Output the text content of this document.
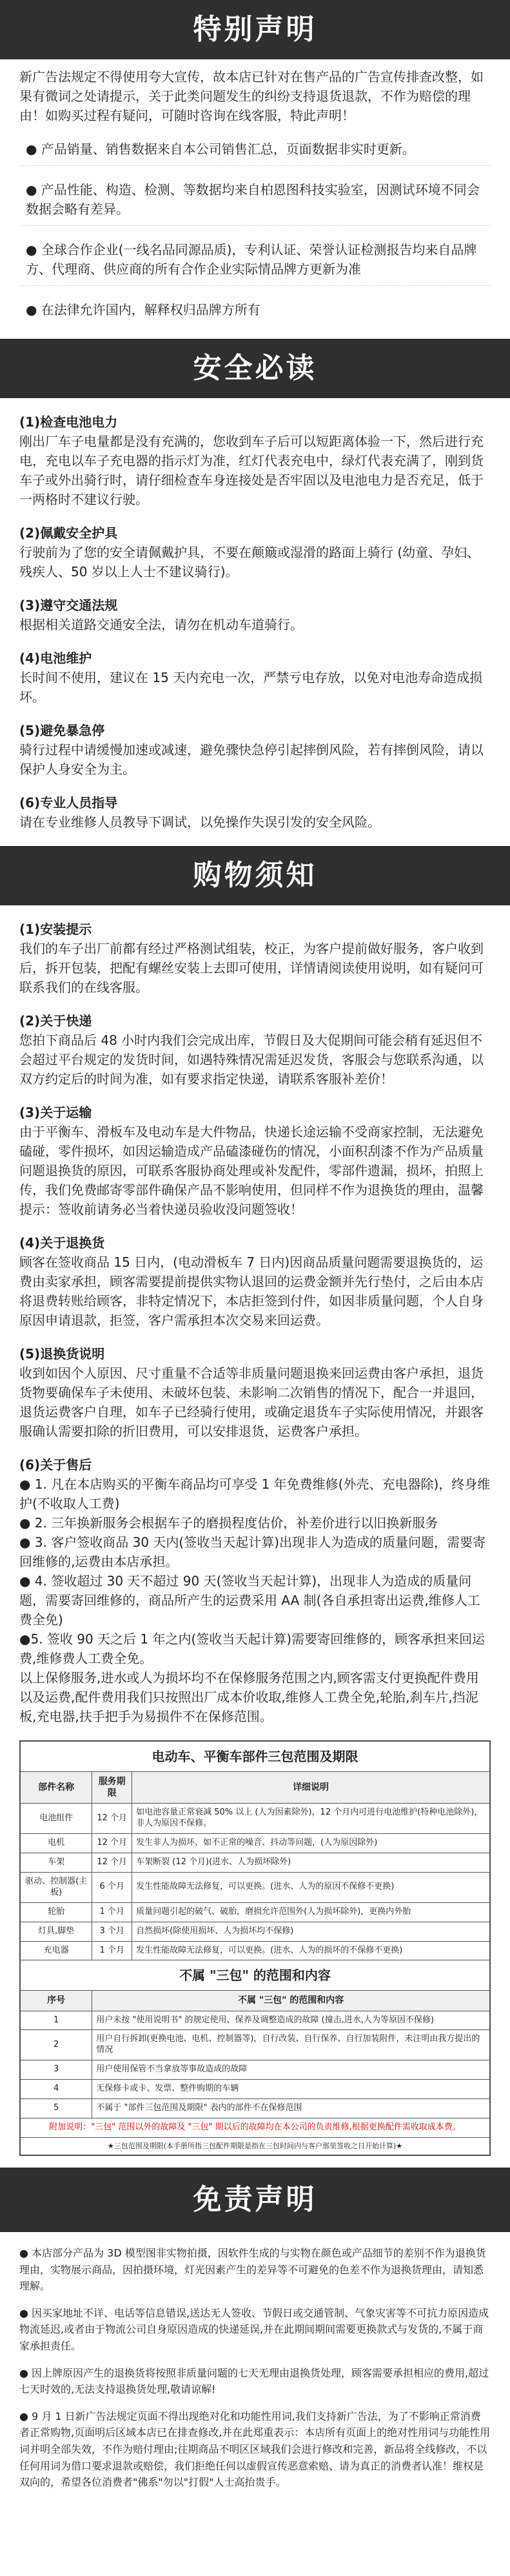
特别声明

新广告法规定不得使用夸大宣传，故本店已针对在售产品的广告宣传排查改整，如果有微词之处请提示，关于此类问题发生的纠纷支持退货退款，不作为赔偿的理由！如购买过程有疑问，可随时咨询在线客服，特此声明！

● 产品销量、销售数据来自本公司销售汇总，页面数据非实时更新。
● 产品性能、构造、检测、等数据均来自柏恩图科技实验室，因测试环境不同会数据会略有差异。
● 全球合作企业(一线名品同源品质)，专利认证、荣誉认证检测报告均来自品牌方、代理商、供应商的所有合作企业实际情品牌方更新为准
● 在法律允许国内，解释权归品牌方所有
安全必读

(1)检查电池电力

刚出厂车子电量都是没有充满的，您收到车子后可以短距离体验一下，然后进行充电，充电以车子充电器的指示灯为准，红灯代表充电中，绿灯代表充满了，刚到货车子或外出骑行时，请仔细检查车身连接处是否牢固以及电池电力是否充足，低于一两格时不建议行驶。

(2)佩戴安全护具

行驶前为了您的安全请佩戴护具，不要在颠簸或湿滑的路面上骑行 (幼童、孕妇、残疾人、50 岁以上人士不建议骑行)。

(3)遵守交通法规

根据相关道路交通安全法，请勿在机动车道骑行。

(4)电池维护

长时间不使用，建议在 15 天内充电一次，严禁亏电存放，以免对电池寿命造成损坏。

(5)避免暴急停

骑行过程中请缓慢加速或减速，避免骤快急停引起摔倒风险，若有摔倒风险，请以保护人身安全为主。

(6)专业人员指导

请在专业维修人员教导下调试，以免操作失误引发的安全风险。

购物须知

(1)安装提示

我们的车子出厂前都有经过严格测试组装，校正，为客户提前做好服务，客户收到后，拆开包装，把配有螺丝安装上去即可使用，详情请阅读使用说明，如有疑问可联系我们的在线客服。

(2)关于快递

您拍下商品后 48 小时内我们会完成出库，节假日及大促期间可能会稍有延迟但不会超过平台规定的发货时间，如遇特殊情况需延迟发货，客服会与您联系沟通，以双方约定后的时间为准，如有要求指定快递，请联系客服补差价！

(3)关于运输

由于平衡车、滑板车及电动车是大件物品，快递长途运输不受商家控制，无法避免磕碰，零件损坏，如因运输造成产品磕漆碰伤的情况，小面积刮漆不作为产品质量问题退换货的原因，可联系客服协商处理或补发配件，零部件遗漏，损坏，拍照上传，我们免费邮寄零部件确保产品不影响使用，但同样不作为退换货的理由，温馨提示：签收前请务必当着快递员验收没问题签收！

(4)关于退换货

顾客在签收商品 15 日内，(电动滑板车 7 日内)因商品质量问题需要退换货的，运费由卖家承担，顾客需要提前提供实物认退回的运费金额并先行垫付，之后由本店将退费转账给顾客，非特定情况下，本店拒签到付件，如因非质量问题，个人自身原因申请退款，拒签，客户需承担本次交易来回运费。

(5)退换货说明

收到如因个人原因、尺寸重量不合适等非质量问题退换来回运费由客户承担，退货货物要确保车子未使用、未破坏包装、未影响二次销售的情况下，配合一并退回，退货运费客户自理，如车子已经骑行使用，或确定退货车子实际使用情况，并跟客服确认需要扣除的折旧费用，可以安排退货，运费客户承担。

(6)关于售后

● 1. 凡在本店购买的平衡车商品均可享受 1 年免费维修(外壳、充电器除)，终身维护(不收取人工费)

● 2. 三年换新服务会根据车子的磨损程度估价，补差价进行以旧换新服务

● 3. 客户签收商品 30 天内(签收当天起计算)出现非人为造成的质量问题，需要寄回维修的,运费由本店承担。

● 4. 签收超过 30 天不超过 90 天(签收当天起计算)，出现非人为造成的质量问题，需要寄回维修的，商品所产生的运费采用 AA 制(各自承担寄出运费,维修人工费全免)

●5. 签收 90 天之后 1 年之内(签收当天起计算)需要寄回维修的，顾客承担来回运费,维修费人工费全免。

以上保修服务,进水或人为损坏均不在保修服务范围之内,顾客需支付更换配件费用以及运费,配件费用我们只按照出厂成本价收取,维修人工费全免,轮胎,刹车片,挡泥板,充电器,扶手把手为易损件不在保修范围。

电动车、平衡车部件三包范围及期限		
部件名称	服务期限	详细说明
电池组件	12 个月	如电池容量正常衰减 50% 以上 (人为因素除外)，12 个月内可进行电池维护(特种电池除外)，非人为原因不保修。
电机	12 个月	发生非人为损坏，如不正常的噪音、抖动等问题，(人为原因除外)
车架	12 个月	车架断裂 (12 个月)(进水、人为损坏除外)
驱动、控制器(主板)	6 个月	发生性能故障无法修复，可以更换。(进水、人为的原因不保修不更换)
轮胎	1 个月	质量问题引起的破气、破胎，磨损允许范围外(人为损坏除外)，更换内外胎
灯具,脚垫	3 个月	自然损坏(除使用损坏、人为损坏均不保修)
充电器	1 个月	发生性能故障无法修复，可以更换。(进水、人为的损坏的不保修不更换)
不属 "三包" 的范围和内容		
序号	不属 "三包" 的范围和内容	
1	用户未按 "使用说明书" 的规定使用、保养及调整造成的故障 (撞击,进水,人为等原因不保修)	
2	用户自行拆卸(更换电池、电机、控制器等)，自行改装、自行保养、自行加装附件，未注明由我方提出的情况	
3	用户使用保管不当拿放等事故造成的故障	
4	无保修卡或卡、发票、整件购期的车辆	
5	不属于 "部件三包范围及期限" 表内的部件不在保修范围	
附加说明："三包" 范围以外的故障及 "三包" 期以后的故障均在本公司的负责维修,根据更换配件需收取成本费。		
★三包范围及期限(本手册所指三包配件期限是指在三包时间内与客户那里签收之日开始计算)★		
免责声明

● 本店部分产品为 3D 模型图非实物拍摄，因软件生成的与实物在颜色或产品细节的差别不作为退换货理由，实物展示商品，因拍摄环境，灯光因素产生的差异等不可避免的色差不作为退换货理由，请知悉理解。

● 因买家地址不详、电话等信息错误,送达无人签收、节假日或交通管制、气象灾害等不可抗力原因造成物流延迟,或者由于物流公司自身原因造成的快递延误,并在此期间期间需要更换款式与发货的,不属于商家承担责任。

● 因上牌原因产生的退换货将按照非质量问题的七天无理由退换货处理，顾客需要承担相应的费用,超过七天时效的,无法支持退换货处理,敬请谅解!

● 9 月 1 日新广告法规定页面不得出现绝对化和功能性用词,我们支持新广告法，为了不影响正常消费者正常购物,页面明后区域本店已在排查修改,并在此郑重表示：本店所有页面上的绝对性用词与功能性用词并明全部失效，不作为赔付理由;往期商品不明区区域我们会进行修改和完善，新品将全线修改，不以任何用词为借口要求退款或赔偿，我们拒绝任何以虚假宣传恶意索赔、请为真正的消费者认准！维权是双向的，希望各位消费者"佛系"勿以"打假"人士高抬贵手。
